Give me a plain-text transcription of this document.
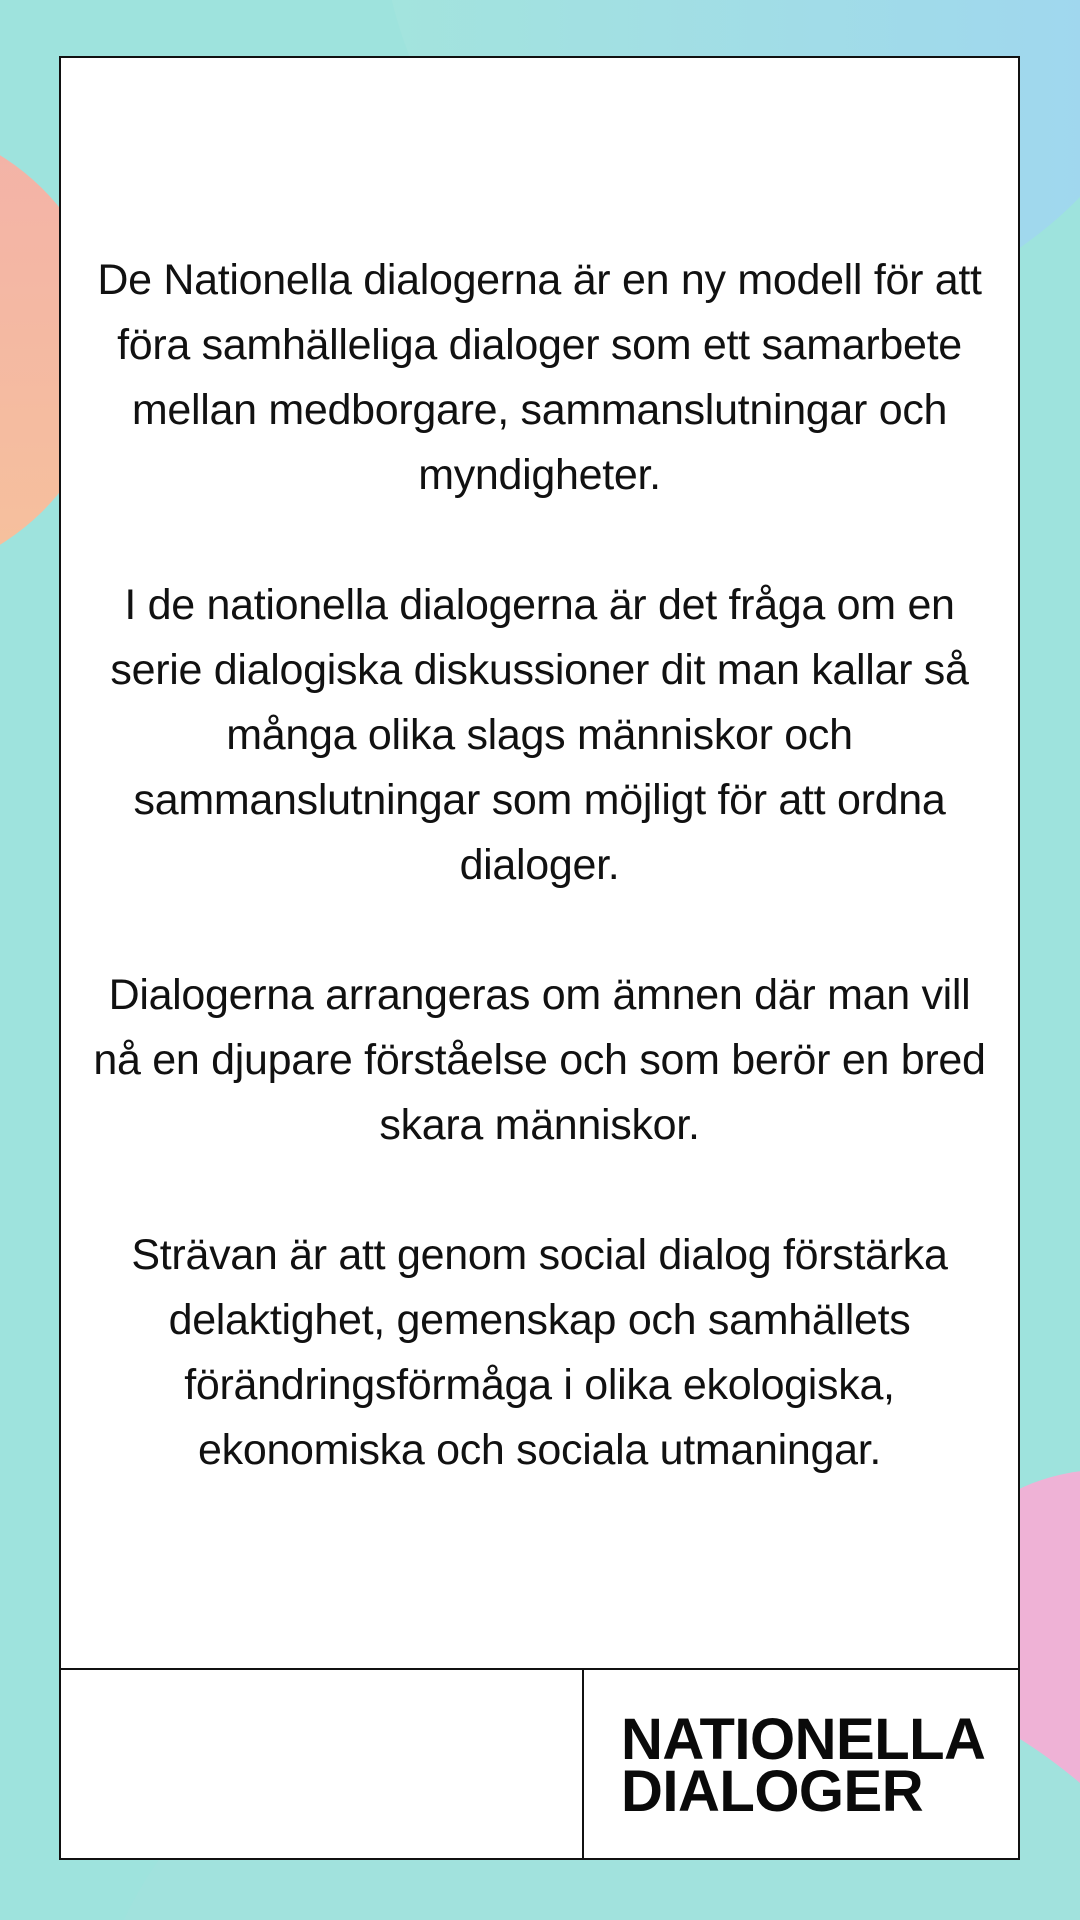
De Nationella dialogerna är en ny modell för att föra samhälleliga dialoger som ett samarbete mellan medborgare, sammanslutningar och myndigheter.

I de nationella dialogerna är det fråga om en serie dialogiska diskussioner dit man kallar så många olika slags människor och sammanslutningar som möjligt för att ordna dialoger.

Dialogerna arrangeras om ämnen där man vill nå en djupare förståelse och som berör en bred skara människor.

Strävan är att genom social dialog förstärka delaktighet, gemenskap och samhällets förändringsförmåga i olika ekologiska, ekonomiska och sociala utmaningar.

NATIONELLA
DIALOGER
